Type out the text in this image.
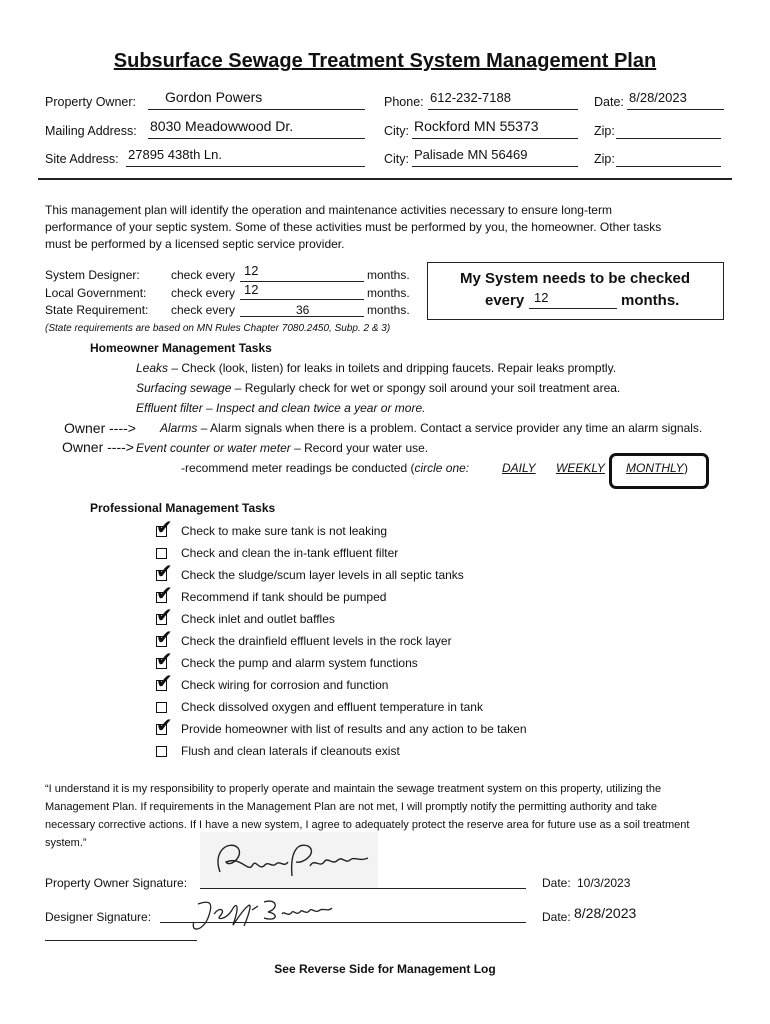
Subsurface Sewage Treatment System Management Plan
Property Owner: Gordon Powers	Phone: 612-232-7188	Date: 8/28/2023
Mailing Address: 8030 Meadowwood Dr.	City: Rockford MN 55373	Zip:
Site Address: 27895 438th Ln.	City: Palisade MN 56469	Zip:
This management plan will identify the operation and maintenance activities necessary to ensure long-term
performance of your septic system. Some of these activities must be performed by you, the homeowner. Other tasks
must be performed by a licensed septic service provider.
System Designer:	check every 12	months.
Local Government: check every 12	months.
State Requirement: check every	36	months.
(State requirements are based on MN Rules Chapter 7080.2450, Subp. 2 & 3)
My System needs to be checked
every 12	months.
Homeowner Management Tasks
Leaks – Check (look, listen) for leaks in toilets and dripping faucets. Repair leaks promptly.
Surfacing sewage – Regularly check for wet or spongy soil around your soil treatment area.
Effluent filter – Inspect and clean twice a year or more.
Owner ----> Alarms – Alarm signals when there is a problem. Contact a service provider any time an alarm signals.
Owner ----> Event counter or water meter – Record your water use.
-recommend meter readings be conducted (circle one:	DAILY WEEKLY MONTHLY )
Professional Management Tasks
✔ Check to make sure tank is not leaking
Check and clean the in-tank effluent filter
✔ Check the sludge/scum layer levels in all septic tanks
✔ Recommend if tank should be pumped
✔ Check inlet and outlet baffles
✔ Check the drainfield effluent levels in the rock layer
✔ Check the pump and alarm system functions
✔ Check wiring for corrosion and function
Check dissolved oxygen and effluent temperature in tank
✔ Provide homeowner with list of results and any action to be taken
Flush and clean laterals if cleanouts exist
“I understand it is my responsibility to properly operate and maintain the sewage treatment system on this property, utilizing the
Management Plan. If requirements in the Management Plan are not met, I will promptly notify the permitting authority and take
necessary corrective actions. If I have a new system, I agree to adequately protect the reserve area for future use as a soil treatment
system.”
Property Owner Signature:	Date: 10/3/2023
Designer Signature:	Date: 8/28/2023
See Reverse Side for Management Log
